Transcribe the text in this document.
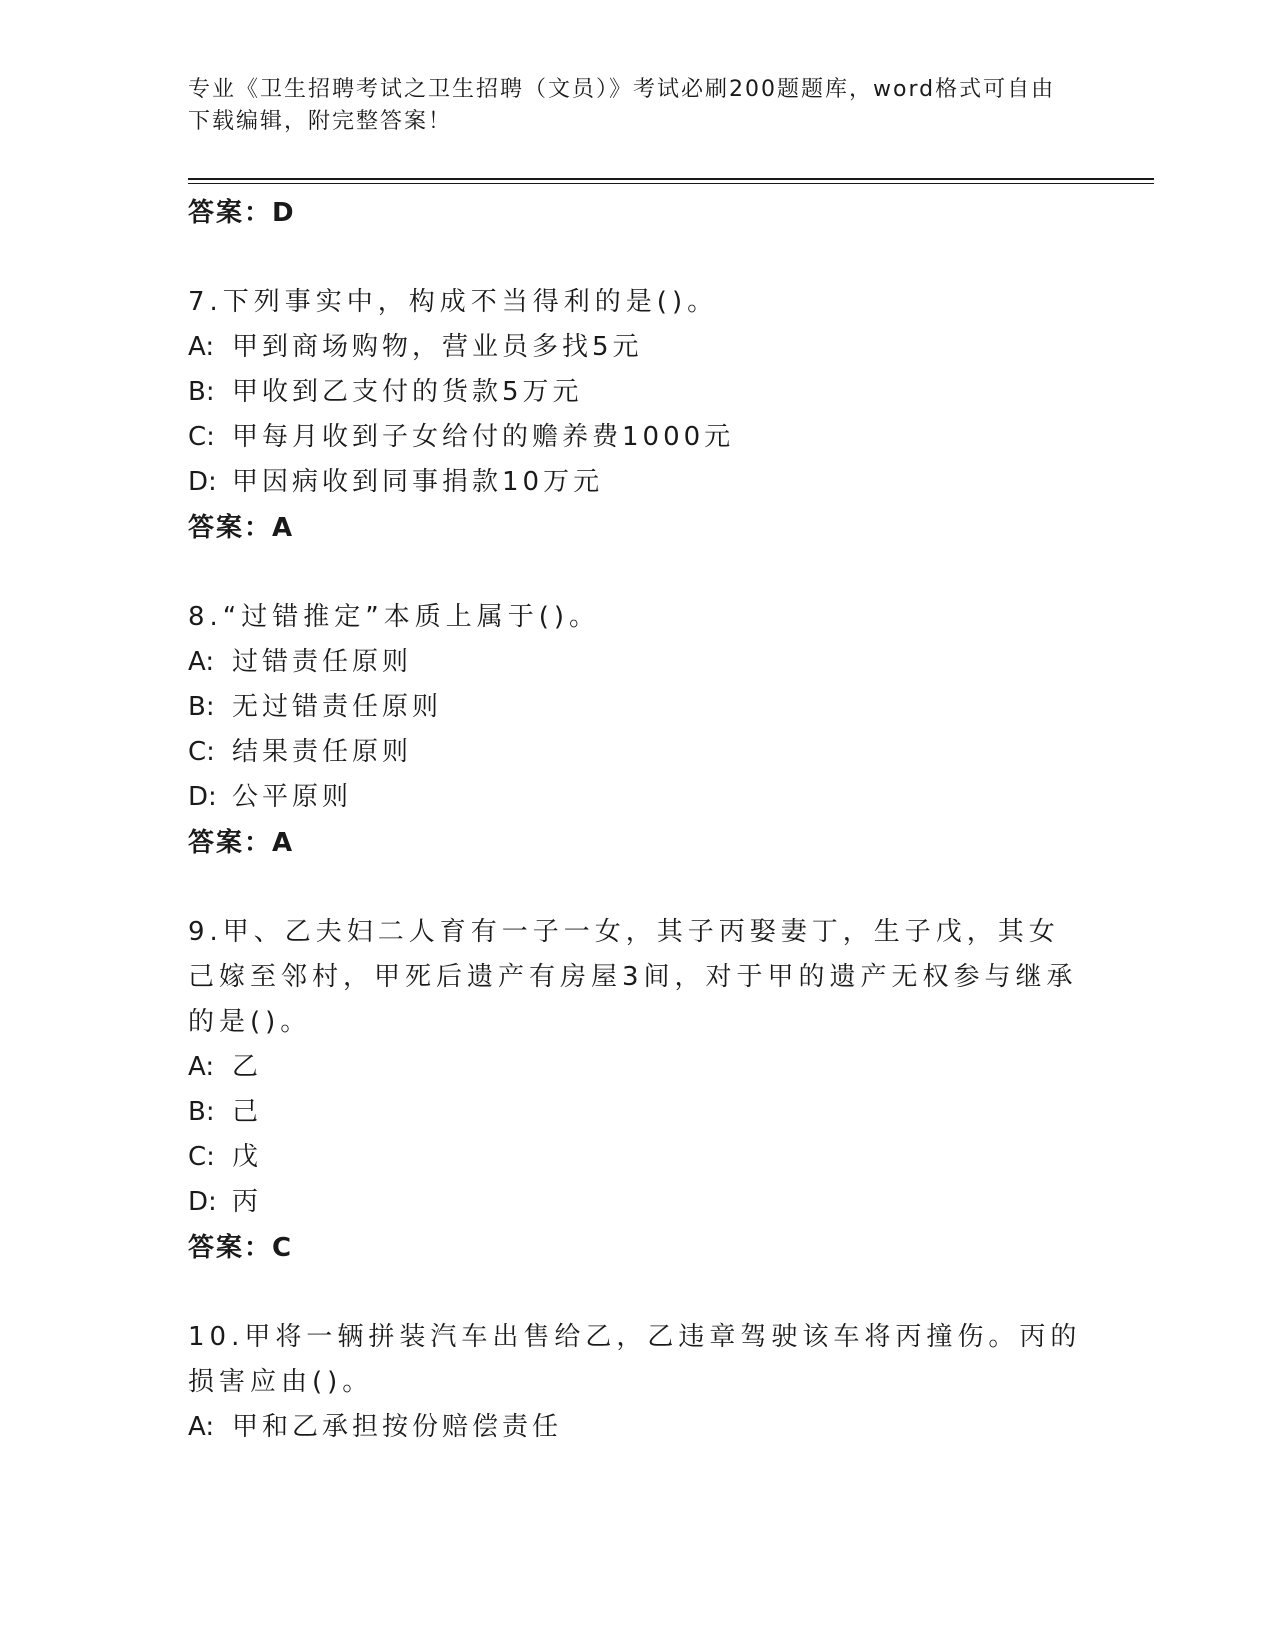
专业《卫生招聘考试之卫生招聘（文员）》考试必刷200题题库，word格式可自由下载编辑，附完整答案！
答案：D
7.下列事实中，构成不当得利的是()。
A: 甲到商场购物，营业员多找5元
B: 甲收到乙支付的货款5万元
C: 甲每月收到子女给付的赡养费1000元
D: 甲因病收到同事捐款10万元
答案：A
8.“过错推定”本质上属于()。
A: 过错责任原则
B: 无过错责任原则
C: 结果责任原则
D: 公平原则
答案：A
9.甲、乙夫妇二人育有一子一女，其子丙娶妻丁，生子戊，其女己嫁至邻村，甲死后遗产有房屋3间，对于甲的遗产无权参与继承的是()。
A: 乙
B: 己
C: 戊
D: 丙
答案：C
10.甲将一辆拼装汽车出售给乙，乙违章驾驶该车将丙撞伤。丙的损害应由()。
A: 甲和乙承担按份赔偿责任
